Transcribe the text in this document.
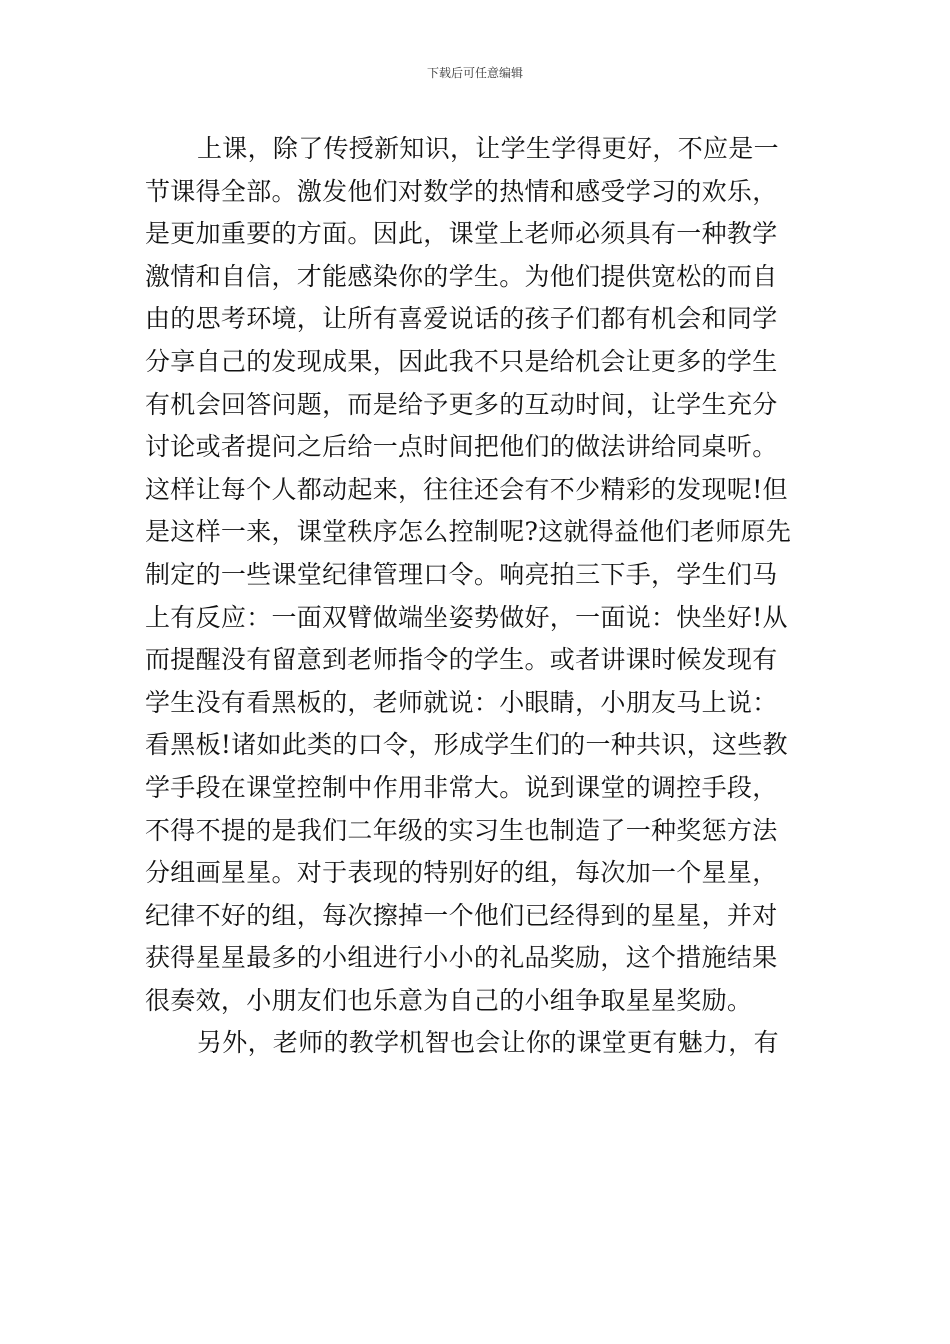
下载后可任意编辑
上课，除了传授新知识，让学生学得更好，不应是一
节课得全部。激发他们对数学的热情和感受学习的欢乐，
是更加重要的方面。因此，课堂上老师必须具有一种教学
激情和自信，才能感染你的学生。为他们提供宽松的而自
由的思考环境，让所有喜爱说话的孩子们都有机会和同学
分享自己的发现成果，因此我不只是给机会让更多的学生
有机会回答问题，而是给予更多的互动时间，让学生充分
讨论或者提问之后给一点时间把他们的做法讲给同桌听。
这样让每个人都动起来，往往还会有不少精彩的发现呢!但
是这样一来，课堂秩序怎么控制呢?这就得益他们老师原先
制定的一些课堂纪律管理口令。响亮拍三下手，学生们马
上有反应：一面双臂做端坐姿势做好，一面说：快坐好!从
而提醒没有留意到老师指令的学生。或者讲课时候发现有
学生没有看黑板的，老师就说：小眼睛，小朋友马上说：
看黑板!诸如此类的口令，形成学生们的一种共识，这些教
学手段在课堂控制中作用非常大。说到课堂的调控手段，
不得不提的是我们二年级的实习生也制造了一种奖惩方法
分组画星星。对于表现的特别好的组，每次加一个星星，
纪律不好的组，每次擦掉一个他们已经得到的星星，并对
获得星星最多的小组进行小小的礼品奖励，这个措施结果
很奏效，小朋友们也乐意为自己的小组争取星星奖励。
另外，老师的教学机智也会让你的课堂更有魅力，有
